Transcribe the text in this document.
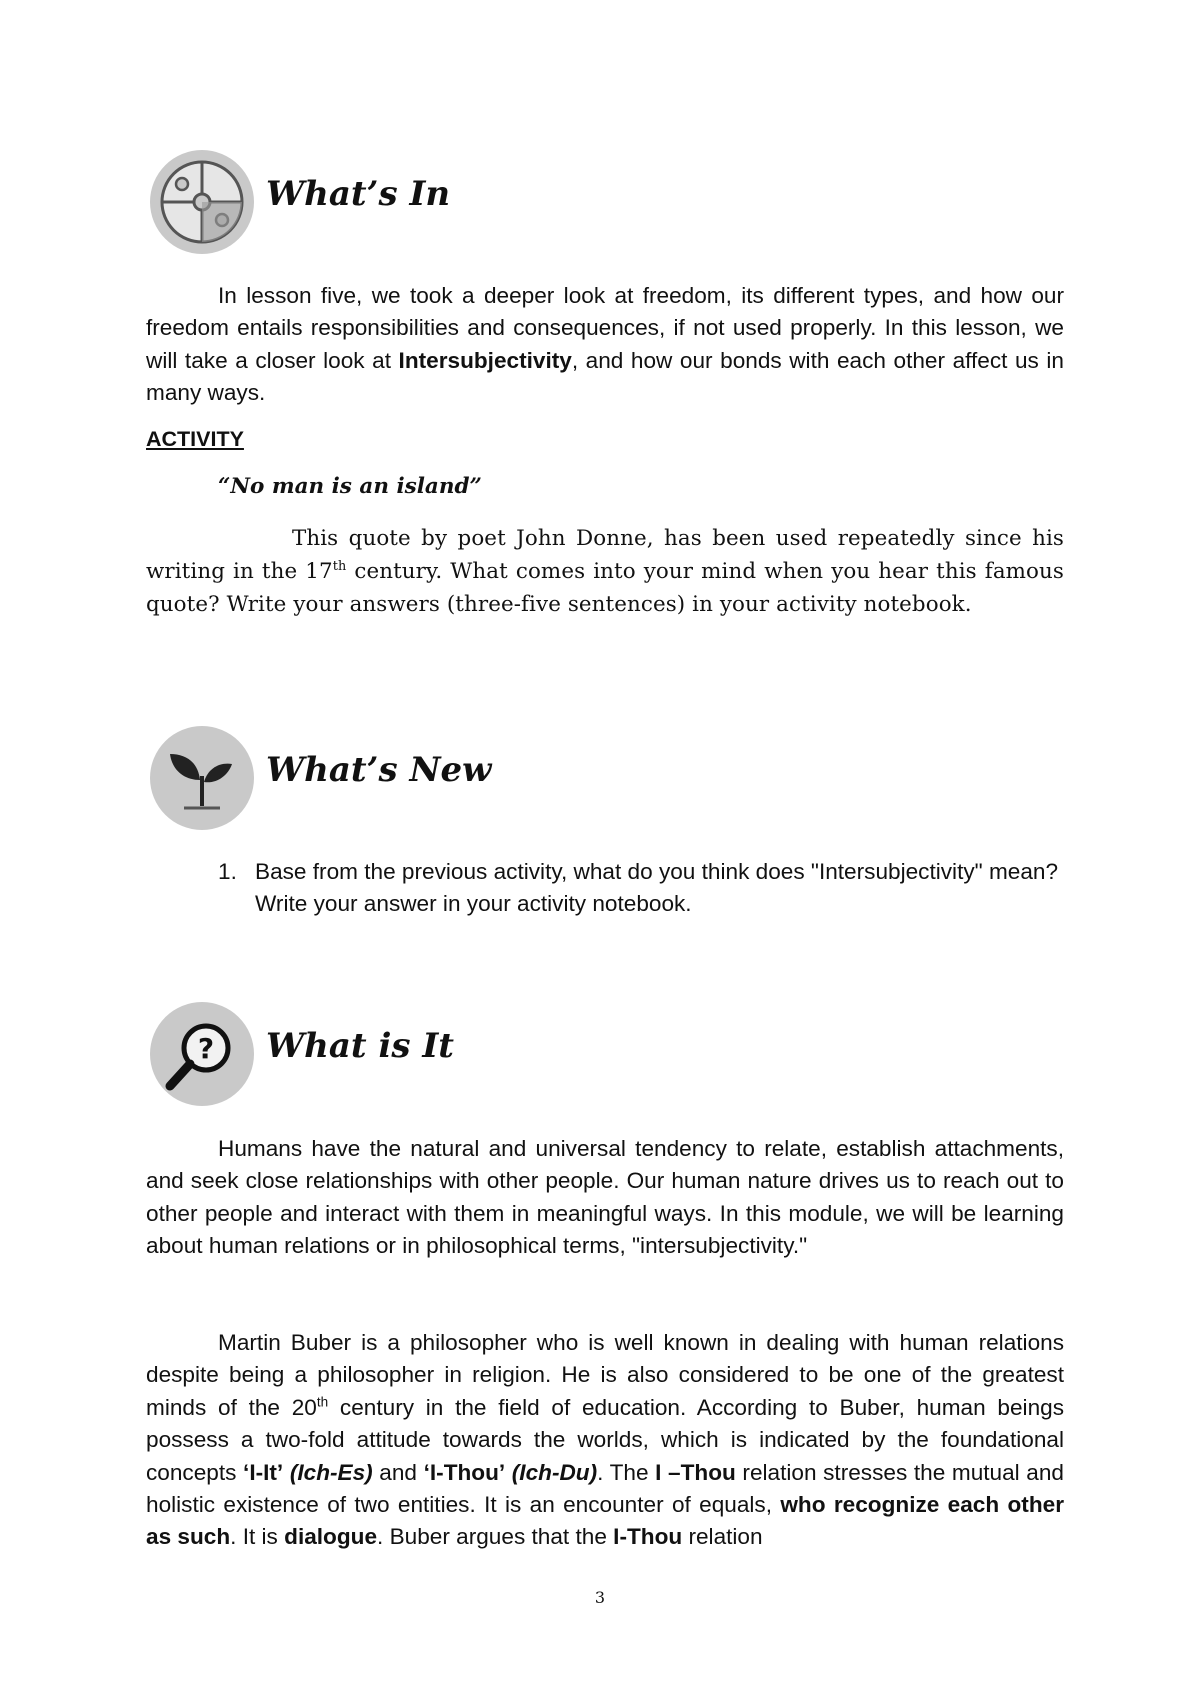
What’s In

In lesson five, we took a deeper look at freedom, its different types, and how our freedom entails responsibilities and consequences, if not used properly. In this lesson, we will take a closer look at Intersubjectivity, and how our bonds with each other affect us in many ways.

ACTIVITY

“No man is an island”

This quote by poet John Donne, has been used repeatedly since his writing in the 17th century. What comes into your mind when you hear this famous quote? Write your answers (three-five sentences) in your activity notebook.

What’s New
1. Base from the previous activity, what do you think does "Intersubjectivity" mean? Write your answer in your activity notebook.
? What is It

Humans have the natural and universal tendency to relate, establish attachments, and seek close relationships with other people. Our human nature drives us to reach out to other people and interact with them in meaningful ways. In this module, we will be learning about human relations or in philosophical terms, "intersubjectivity."

Martin Buber is a philosopher who is well known in dealing with human relations despite being a philosopher in religion. He is also considered to be one of the greatest minds of the 20th century in the field of education. According to Buber, human beings possess a two-fold attitude towards the worlds, which is indicated by the foundational concepts ‘I-It’ (Ich-Es) and ‘I-Thou’ (Ich-Du). The I –Thou relation stresses the mutual and holistic existence of two entities. It is an encounter of equals, who recognize each other as such. It is dialogue. Buber argues that the I-Thou relation

3
